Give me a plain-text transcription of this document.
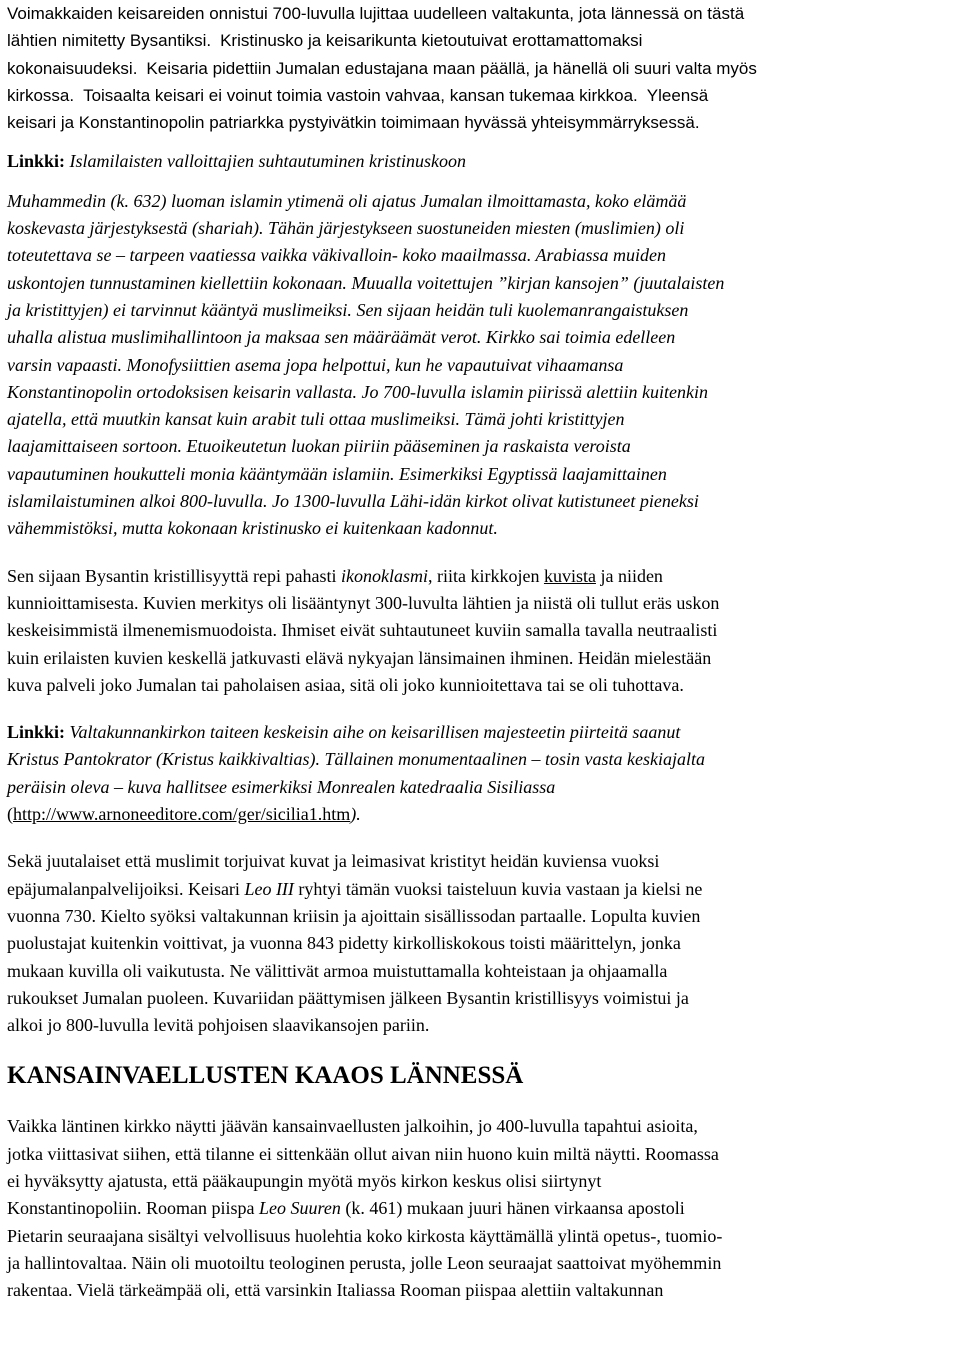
Voimakkaiden keisareiden onnistui 700-luvulla lujittaa uudelleen valtakunta, jota lännessä on tästä

lähtien nimitetty Bysantiksi. Kristinusko ja keisarikunta kietoutuivat erottamattomaksi

kokonaisuudeksi. Keisaria pidettiin Jumalan edustajana maan päällä, ja hänellä oli suuri valta myös

kirkossa. Toisaalta keisari ei voinut toimia vastoin vahvaa, kansan tukemaa kirkkoa. Yleensä

keisari ja Konstantinopolin patriarkka pystyivätkin toimimaan hyvässä yhteisymmärryksessä.

Linkki: Islamilaisten valloittajien suhtautuminen kristinuskoon

Muhammedin (k. 632) luoman islamin ytimenä oli ajatus Jumalan ilmoittamasta, koko elämää

koskevasta järjestyksestä (shariah). Tähän järjestykseen suostuneiden miesten (muslimien) oli

toteutettava se – tarpeen vaatiessa vaikka väkivalloin- koko maailmassa. Arabiassa muiden

uskontojen tunnustaminen kiellettiin kokonaan. Muualla voitettujen ”kirjan kansojen” (juutalaisten

ja kristittyjen) ei tarvinnut kääntyä muslimeiksi. Sen sijaan heidän tuli kuolemanrangaistuksen

uhalla alistua muslimihallintoon ja maksaa sen määräämät verot. Kirkko sai toimia edelleen

varsin vapaasti. Monofysiittien asema jopa helpottui, kun he vapautuivat vihaamansa

Konstantinopolin ortodoksisen keisarin vallasta. Jo 700-luvulla islamin piirissä alettiin kuitenkin

ajatella, että muutkin kansat kuin arabit tuli ottaa muslimeiksi. Tämä johti kristittyjen

laajamittaiseen sortoon. Etuoikeutetun luokan piiriin pääseminen ja raskaista veroista

vapautuminen houkutteli monia kääntymään islamiin. Esimerkiksi Egyptissä laajamittainen

islamilaistuminen alkoi 800-luvulla. Jo 1300-luvulla Lähi-idän kirkot olivat kutistuneet pieneksi

vähemmistöksi, mutta kokonaan kristinusko ei kuitenkaan kadonnut.

Sen sijaan Bysantin kristillisyyttä repi pahasti ikonoklasmi, riita kirkkojen kuvista ja niiden

kunnioittamisesta. Kuvien merkitys oli lisääntynyt 300-luvulta lähtien ja niistä oli tullut eräs uskon

keskeisimmistä ilmenemismuodoista. Ihmiset eivät suhtautuneet kuviin samalla tavalla neutraalisti

kuin erilaisten kuvien keskellä jatkuvasti elävä nykyajan länsimainen ihminen. Heidän mielestään

kuva palveli joko Jumalan tai paholaisen asiaa, sitä oli joko kunnioitettava tai se oli tuhottava.

Linkki: Valtakunnankirkon taiteen keskeisin aihe on keisarillisen majesteetin piirteitä saanut

Kristus Pantokrator (Kristus kaikkivaltias). Tällainen monumentaalinen – tosin vasta keskiajalta

peräisin oleva – kuva hallitsee esimerkiksi Monrealen katedraalia Sisiliassa

(http://www.arnoneeditore.com/ger/sicilia1.htm).

Sekä juutalaiset että muslimit torjuivat kuvat ja leimasivat kristityt heidän kuviensa vuoksi

epäjumalanpalvelijoiksi. Keisari Leo III ryhtyi tämän vuoksi taisteluun kuvia vastaan ja kielsi ne

vuonna 730. Kielto syöksi valtakunnan kriisin ja ajoittain sisällissodan partaalle. Lopulta kuvien

puolustajat kuitenkin voittivat, ja vuonna 843 pidetty kirkolliskokous toisti määrittelyn, jonka

mukaan kuvilla oli vaikutusta. Ne välittivät armoa muistuttamalla kohteistaan ja ohjaamalla

rukoukset Jumalan puoleen. Kuvariidan päättymisen jälkeen Bysantin kristillisyys voimistui ja

alkoi jo 800-luvulla levitä pohjoisen slaavikansojen pariin.

KANSAINVAELLUSTEN KAAOS LÄNNESSÄ

Vaikka läntinen kirkko näytti jäävän kansainvaellusten jalkoihin, jo 400-luvulla tapahtui asioita,

jotka viittasivat siihen, että tilanne ei sittenkään ollut aivan niin huono kuin miltä näytti. Roomassa

ei hyväksytty ajatusta, että pääkaupungin myötä myös kirkon keskus olisi siirtynyt

Konstantinopoliin. Rooman piispa Leo Suuren (k. 461) mukaan juuri hänen virkaansa apostoli

Pietarin seuraajana sisältyi velvollisuus huolehtia koko kirkosta käyttämällä ylintä opetus-, tuomio-

ja hallintovaltaa. Näin oli muotoiltu teologinen perusta, jolle Leon seuraajat saattoivat myöhemmin

rakentaa. Vielä tärkeämpää oli, että varsinkin Italiassa Rooman piispaa alettiin valtakunnan
